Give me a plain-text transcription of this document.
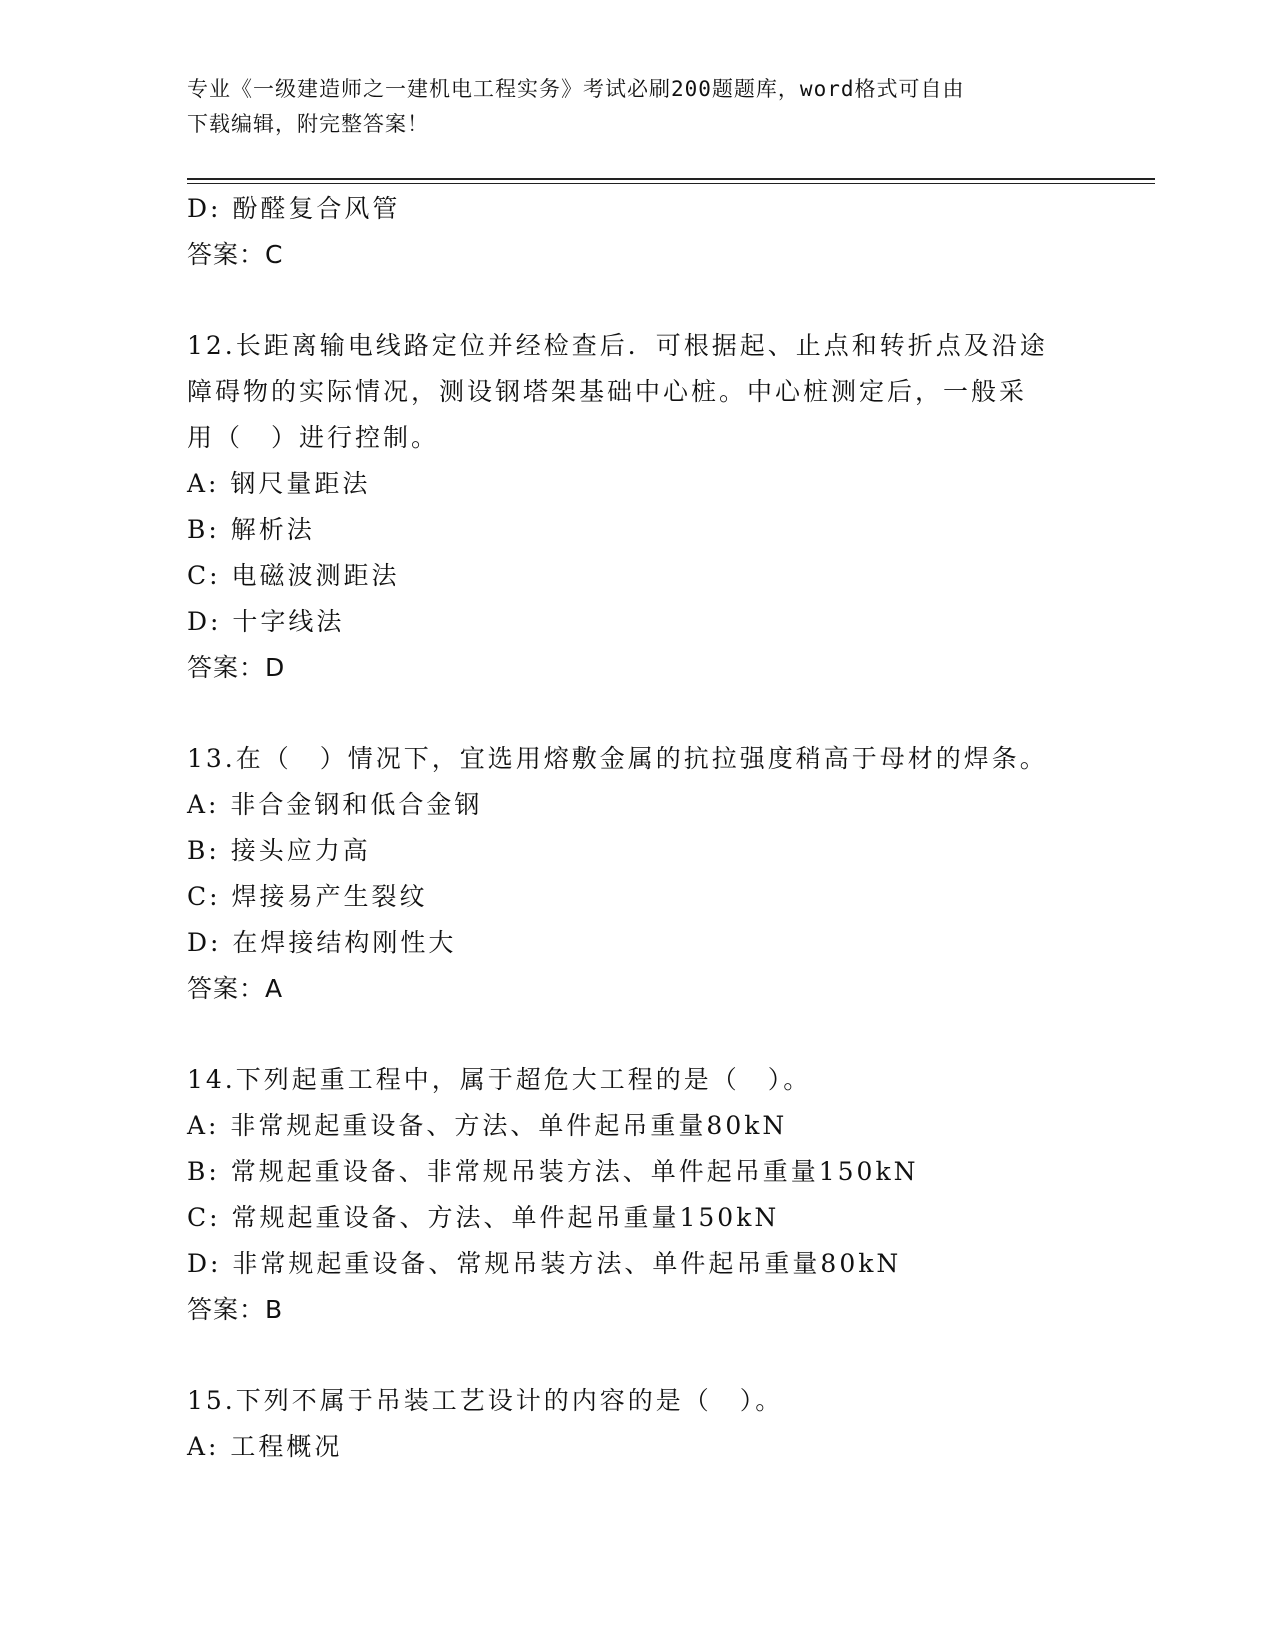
专业《一级建造师之一建机电工程实务》考试必刷200题题库，word格式可自由
下载编辑，附完整答案！
D: 酚醛复合风管
答案：C
12.长距离输电线路定位并经检查后．可根据起、止点和转折点及沿途
障碍物的实际情况，测设钢塔架基础中心桩。中心桩测定后，一般采
用（　）进行控制。
A: 钢尺量距法
B: 解析法
C: 电磁波测距法
D: 十字线法
答案：D
13.在（　）情况下，宜选用熔敷金属的抗拉强度稍高于母材的焊条。
A: 非合金钢和低合金钢
B: 接头应力高
C: 焊接易产生裂纹
D: 在焊接结构刚性大
答案：A
14.下列起重工程中，属于超危大工程的是（　）。
A: 非常规起重设备、方法、单件起吊重量80kN
B: 常规起重设备、非常规吊装方法、单件起吊重量150kN
C: 常规起重设备、方法、单件起吊重量150kN
D: 非常规起重设备、常规吊装方法、单件起吊重量80kN
答案：B
15.下列不属于吊装工艺设计的内容的是（　）。
A: 工程概况
